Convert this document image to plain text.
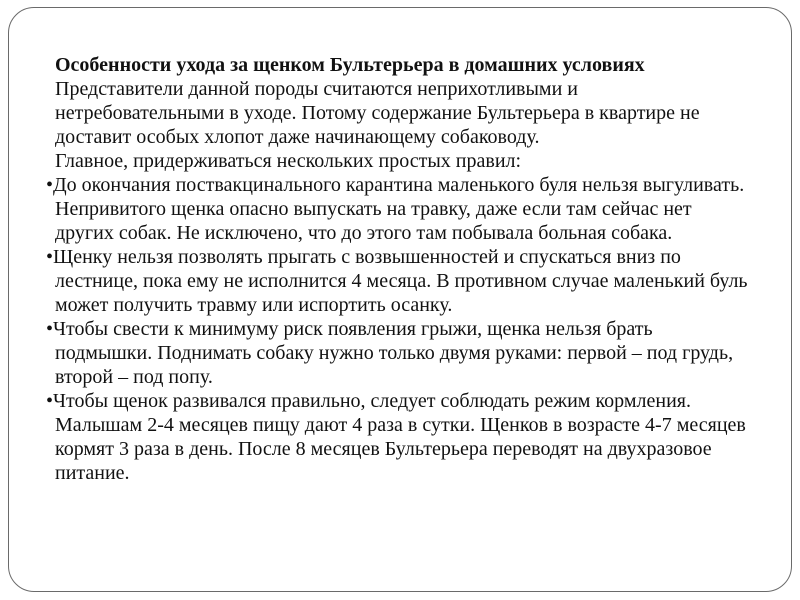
Особенности ухода за щенком Бультерьера в домашних условиях

Представители данной породы считаются неприхотливыми и нетребовательными в уходе. Потому содержание Бультерьера в квартире не доставит особых хлопот даже начинающему собаководу.

Главное, придерживаться нескольких простых правил:

•До окончания поствакцинального карантина маленького буля нельзя выгуливать. Непривитого щенка опасно выпускать на травку, даже если там сейчас нет других собак. Не исключено, что до этого там побывала больная собака.
•Щенку нельзя позволять прыгать с возвышенностей и спускаться вниз по лестнице, пока ему не исполнится 4 месяца. В противном случае маленький буль может получить травму или испортить осанку.
•Чтобы свести к минимуму риск появления грыжи, щенка нельзя брать подмышки. Поднимать собаку нужно только двумя руками: первой – под грудь, второй – под попу.
•Чтобы щенок развивался правильно, следует соблюдать режим кормления. Малышам 2-4 месяцев пищу дают 4 раза в сутки. Щенков в возрасте 4-7 месяцев кормят 3 раза в день. После 8 месяцев Бультерьера переводят на двухразовое питание.
